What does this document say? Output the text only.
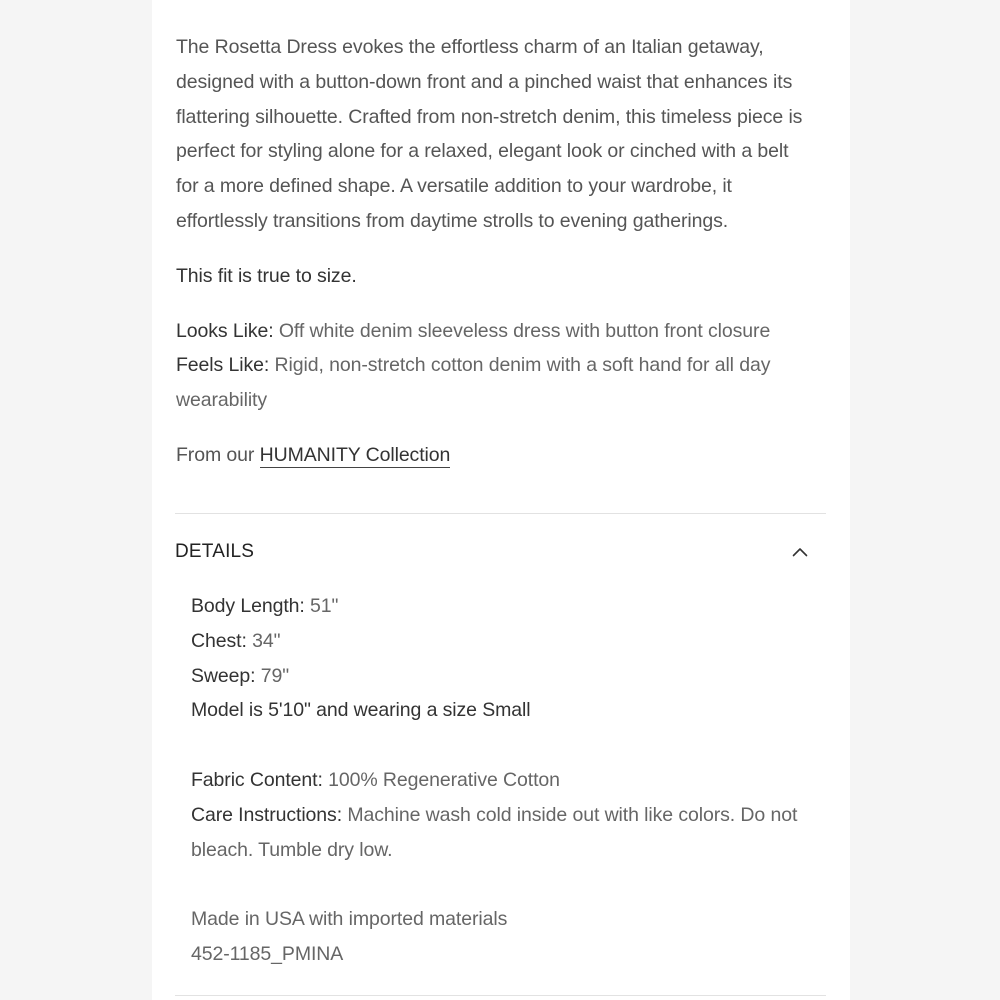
The Rosetta Dress evokes the effortless charm of an Italian getaway,
designed with a button-down front and a pinched waist that enhances its
flattering silhouette. Crafted from non-stretch denim, this timeless piece is
perfect for styling alone for a relaxed, elegant look or cinched with a belt
for a more defined shape. A versatile addition to your wardrobe, it
effortlessly transitions from daytime strolls to evening gatherings.

This fit is true to size.

Looks Like: Off white denim sleeveless dress with button front closure
Feels Like: Rigid, non-stretch cotton denim with a soft hand for all day
wearability

From our HUMANITY Collection

DETAILS

Body Length: 51"

Chest: 34"

Sweep: 79"

Model is 5'10" and wearing a size Small

Fabric Content: 100% Regenerative Cotton

Care Instructions: Machine wash cold inside out with like colors. Do not
bleach. Tumble dry low.

Made in USA with imported materials

452-1185_PMINA
